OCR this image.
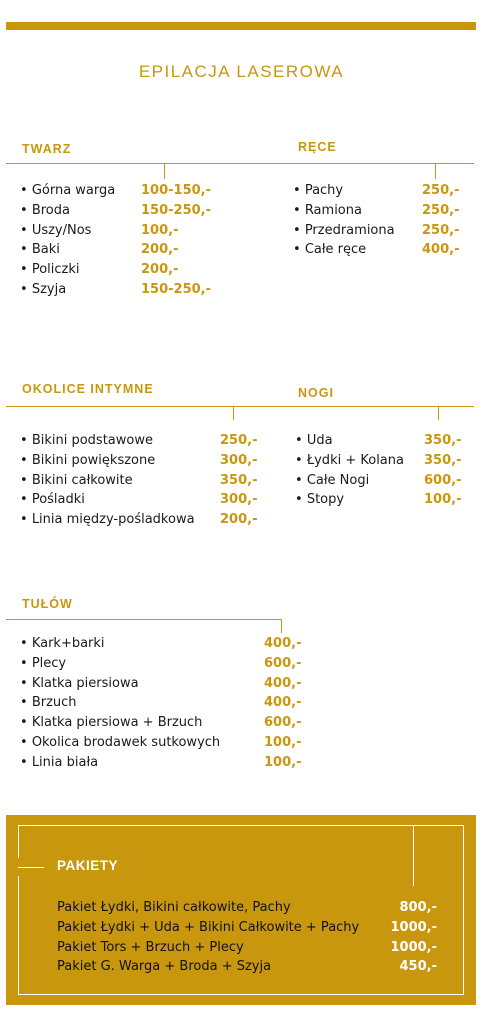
EPILACJA LASEROWA
TWARZ
• Górna warga 100-150,-
• Broda	150-250,-
• Uszy/Nos	100,-
• Baki	200,-
• Policzki	200,-
• Szyja	150-250,-
RĘCE
• Pachy	250,-
• Ramiona	250,-
• Przedramiona 250,-
• Całe ręce	400,-
OKOLICE INTYMNE
• Bikini podstawowe	250,-
• Bikini powiększone	300,-
• Bikini całkowite	350,-
• Pośladki	300,-
• Linia między-pośladkowa 200,-
NOGI
• Uda	350,-
• Łydki + Kolana 350,-
• Całe Nogi	600,-
• Stopy	100,-
TUŁÓW
• Kark+barki	400,-
• Plecy	600,-
• Klatka piersiowa	400,-
• Brzuch	400,-
• Klatka piersiowa + Brzuch	600,-
• Okolica brodawek sutkowych	100,-
• Linia biała	100,-
PAKIETY
Pakiet Łydki, Bikini całkowite, Pachy	800,-
Pakiet Łydki + Uda + Bikini Całkowite + Pachy 1000,-
Pakiet Tors + Brzuch + Plecy	1000,-
Pakiet G. Warga + Broda + Szyja	450,-
